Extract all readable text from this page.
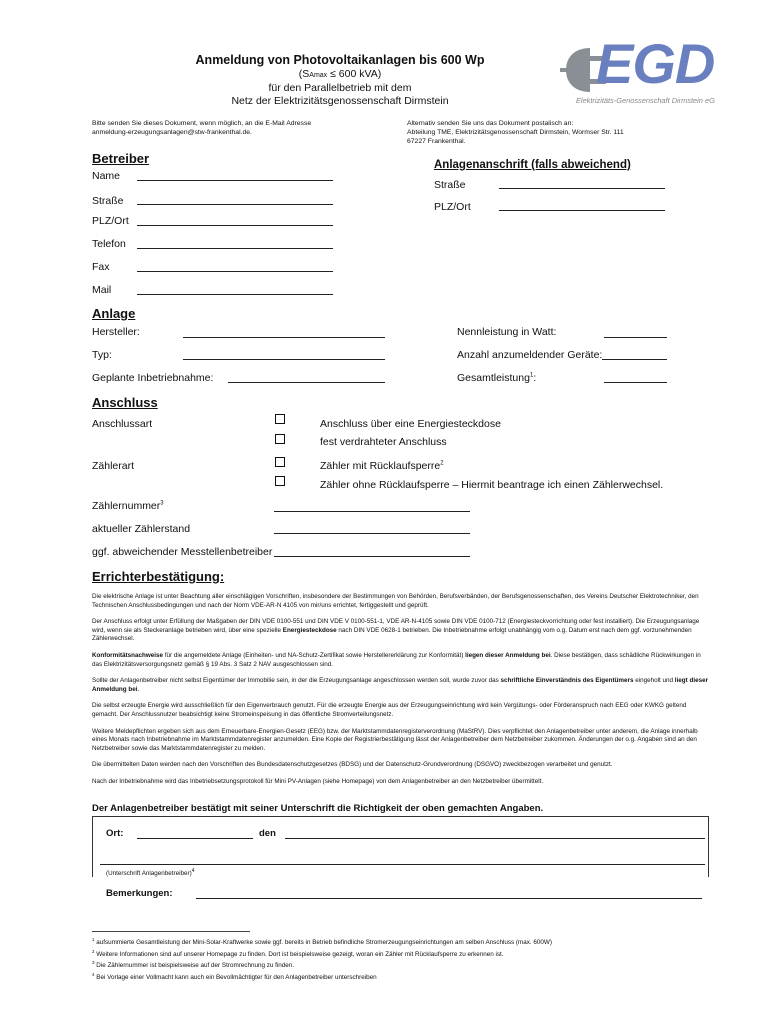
Anmeldung von Photovoltaikanlagen bis 600 Wp
(SAmax ≤ 600 kVA)
für den Parallelbetrieb mit dem
Netz der Elektrizitätsgenossenschaft Dirmstein
EGD
Elektrizitäts-Genossenschaft Dirmstein eG
Bitte senden Sie dieses Dokument, wenn möglich, an die E-Mail Adresse
anmeldung-erzeugungsanlagen@stw-frankenthal.de.
Alternativ senden Sie uns das Dokument postalisch an:
Abteilung TME, Elektrizitätsgenossenschaft Dirmstein, Wormser Str. 111
67227 Frankenthal.
Betreiber
Name
Straße
PLZ/Ort
Telefon
Fax
Mail
Anlagenanschrift (falls abweichend)
Straße
PLZ/Ort
Anlage
Hersteller:
Typ:
Geplante Inbetriebnahme:
Nennleistung in Watt:
Anzahl anzumeldender Geräte:
Gesamtleistung$^1$:
Anschluss
Anschlussart	Anschluss über eine Energiesteckdose
fest verdrahteter Anschluss
Zählerart	Zähler mit Rücklaufsperre$^2$
Zähler ohne Rücklaufsperre – Hiermit beantrage ich einen Zählerwechsel.
Zählernummer$^3$
aktueller Zählerstand
ggf. abweichender Messtellenbetreiber
Errichterbestätigung:

Die elektrische Anlage ist unter Beachtung aller einschlägigen Vorschriften, insbesondere der Bestimmungen von Behörden, Berufsverbänden, der Berufsgenossenschaften, des Vereins Deutscher Elektrotechniker, den Technischen Anschlussbedingungen und nach der Norm VDE-AR-N 4105 von mir/uns errichtet, fertiggestellt und geprüft.

Der Anschluss erfolgt unter Erfüllung der Maßgaben der DIN VDE 0100-551 und DIN VDE V 0100-551-1, VDE AR-N-4105 sowie DIN VDE 0100-712 (Energiesteckvorrichtung oder fest installiert). Die Erzeugungsanlage wird, wenn sie als Steckeranlage betrieben wird, über eine spezielle Energiesteckdose nach DIN VDE 0628-1 betrieben. Die Inbetriebnahme erfolgt unabhängig vom o.g. Datum erst nach dem ggf. vorzunehmenden Zählerwechsel.

Konformitätsnachweise für die angemeldete Anlage (Einheiten- und NA-Schutz-Zertifikat sowie Herstellererklärung zur Konformität) liegen dieser Anmeldung bei. Diese bestätigen, dass schädliche Rückwirkungen in das Elektrizitätsversorgungsnetz gemäß § 19 Abs. 3 Satz 2 NAV ausgeschlossen sind.

Sollte der Anlagenbetreiber nicht selbst Eigentümer der Immobilie sein, in der die Erzeugungsanlage angeschlossen werden soll, wurde zuvor das schriftliche Einverständnis des Eigentümers eingeholt und liegt dieser Anmeldung bei.

Die selbst erzeugte Energie wird ausschließlich für den Eigenverbrauch genutzt. Für die erzeugte Energie aus der Erzeugungseinrichtung wird kein Vergütungs- oder Förderanspruch nach EEG oder KWKG geltend gemacht. Der Anschlussnutzer beabsichtigt keine Stromeinspeisung in das öffentliche Stromverteilungsnetz.

Weitere Meldepflichten ergeben sich aus dem Erneuerbare-Energien-Gesetz (EEG) bzw. der Marktstammdatenregisterverordnung (MaStRV). Dies verpflichtet den Anlagenbetreiber unter anderem, die Anlage innerhalb eines Monats nach Inbetriebnahme im Marktstammdatenregister anzumelden. Eine Kopie der Registrierbestätigung lässt der Anlagenbetreiber dem Netzbetreiber zukommen. Änderungen der o.g. Angaben sind an den Netzbetreiber sowie das Marktstammdatenregister zu melden.

Die übermittelten Daten werden nach den Vorschriften des Bundesdatenschutzgesetzes (BDSG) und der Datenschutz-Grundverordnung (DSGVO) zweckbezogen verarbeitet und genutzt.

Nach der Inbetriebnahme wird das Inbetriebsetzungsprotokoll für Mini PV-Anlagen (siehe Homepage) von dem Anlagenbetreiber an den Netzbetreiber übermittelt.

Der Anlagenbetreiber bestätigt mit seiner Unterschrift die Richtigkeit der oben gemachten Angaben.
Ort:	den
(Unterschrift Anlagenbetreiber)$^4$
Bemerkungen:
$^1$ aufsummierte Gesamtleistung der Mini-Solar-Kraftwerke sowie ggf. bereits in Betrieb befindliche Stromerzeugungseinrichtungen am selben Anschluss (max. 600W)
$^2$ Weitere Informationen sind auf unserer Homepage zu finden. Dort ist beispielsweise gezeigt, woran ein Zähler mit Rücklaufsperre zu erkennen ist.
$^3$ Die Zählernummer ist beispielsweise auf der Stromrechnung zu finden.
$^4$ Bei Vorlage einer Vollmacht kann auch ein Bevollmächtigter für den Anlagenbetreiber unterschreiben
